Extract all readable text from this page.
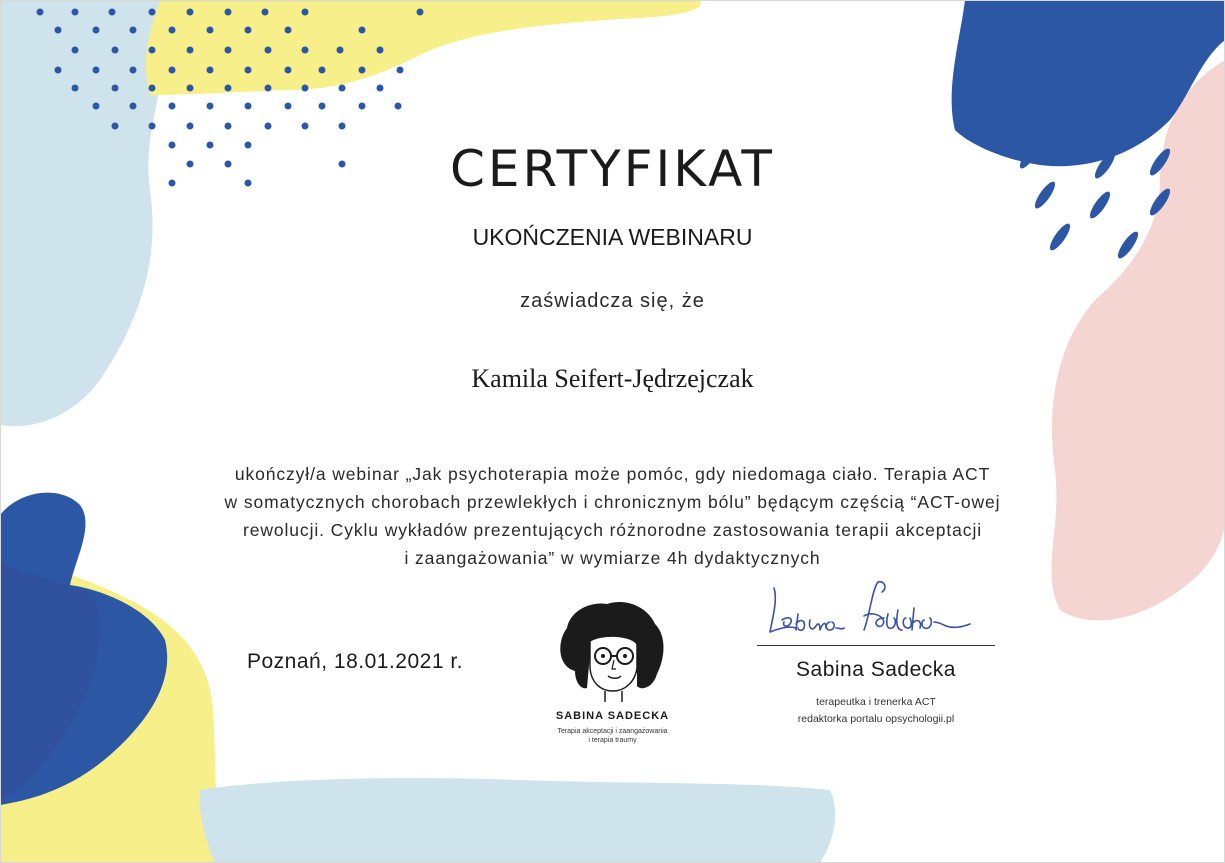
CERTYFIKAT
UKOŃCZENIA WEBINARU
zaświadcza się, że
Kamila Seifert-Jędrzejczak
ukończył/a webinar „Jak psychoterapia może pomóc, gdy niedomaga ciało. Terapia ACT
w somatycznych chorobach przewlekłych i chronicznym bólu” będącym częścią “ACT-owej
rewolucji. Cyklu wykładów prezentujących różnorodne zastosowania terapii akceptacji
i zaangażowania” w wymiarze 4h dydaktycznych
Poznań, 18.01.2021 r.
SABINA SADECKA
Terapia akceptacji i zaangażowania
i terapia traumy
Sabina Sadecka
terapeutka i trenerka ACT
redaktorka portalu opsychologii.pl
